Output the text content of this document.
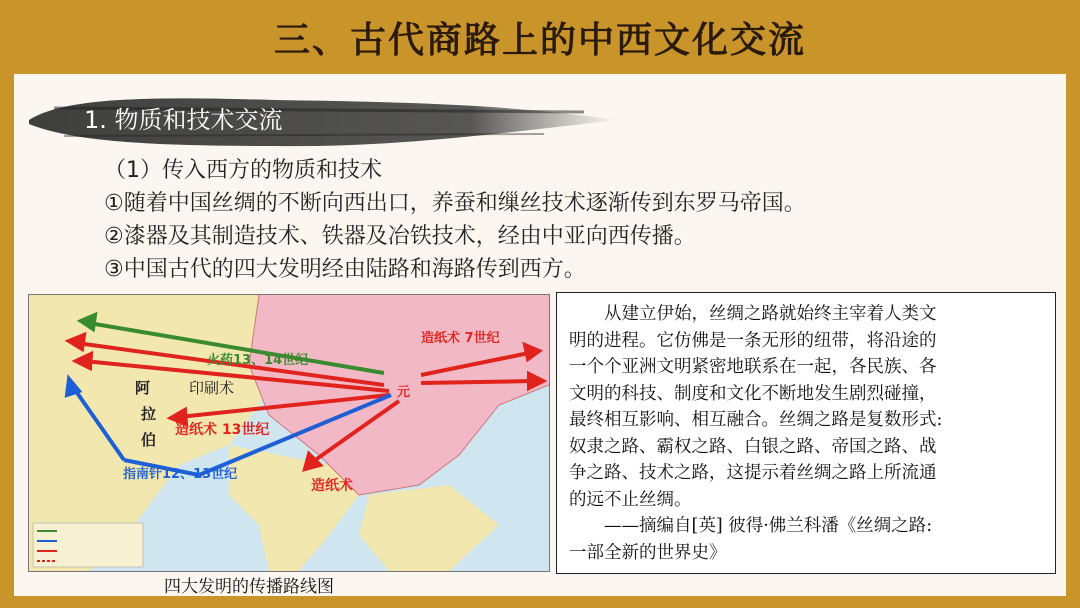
三、古代商路上的中西文化交流
1. 物质和技术交流
（1）传入西方的物质和技术
①随着中国丝绸的不断向西出口，养蚕和缫丝技术逐渐传到东罗马帝国。
②漆器及其制造技术、铁器及冶铁技术，经由中亚向西传播。
③中国古代的四大发明经由陆路和海路传到西方。
火药13、14世纪
印刷术
造纸术 13世纪
指南针12、13世纪
造纸术 7世纪
造纸术
阿
拉
伯
元
四大发明的传播路线图
　　从建立伊始，丝绸之路就始终主宰着人类文
明的进程。它仿佛是一条无形的纽带，将沿途的
一个个亚洲文明紧密地联系在一起，各民族、各
文明的科技、制度和文化不断地发生剧烈碰撞，
最终相互影响、相互融合。丝绸之路是复数形式:
奴隶之路、霸权之路、白银之路、帝国之路、战
争之路、技术之路，这提示着丝绸之路上所流通
的远不止丝绸。
　　——摘编自[英] 彼得·佛兰科潘《丝绸之路:
一部全新的世界史》
